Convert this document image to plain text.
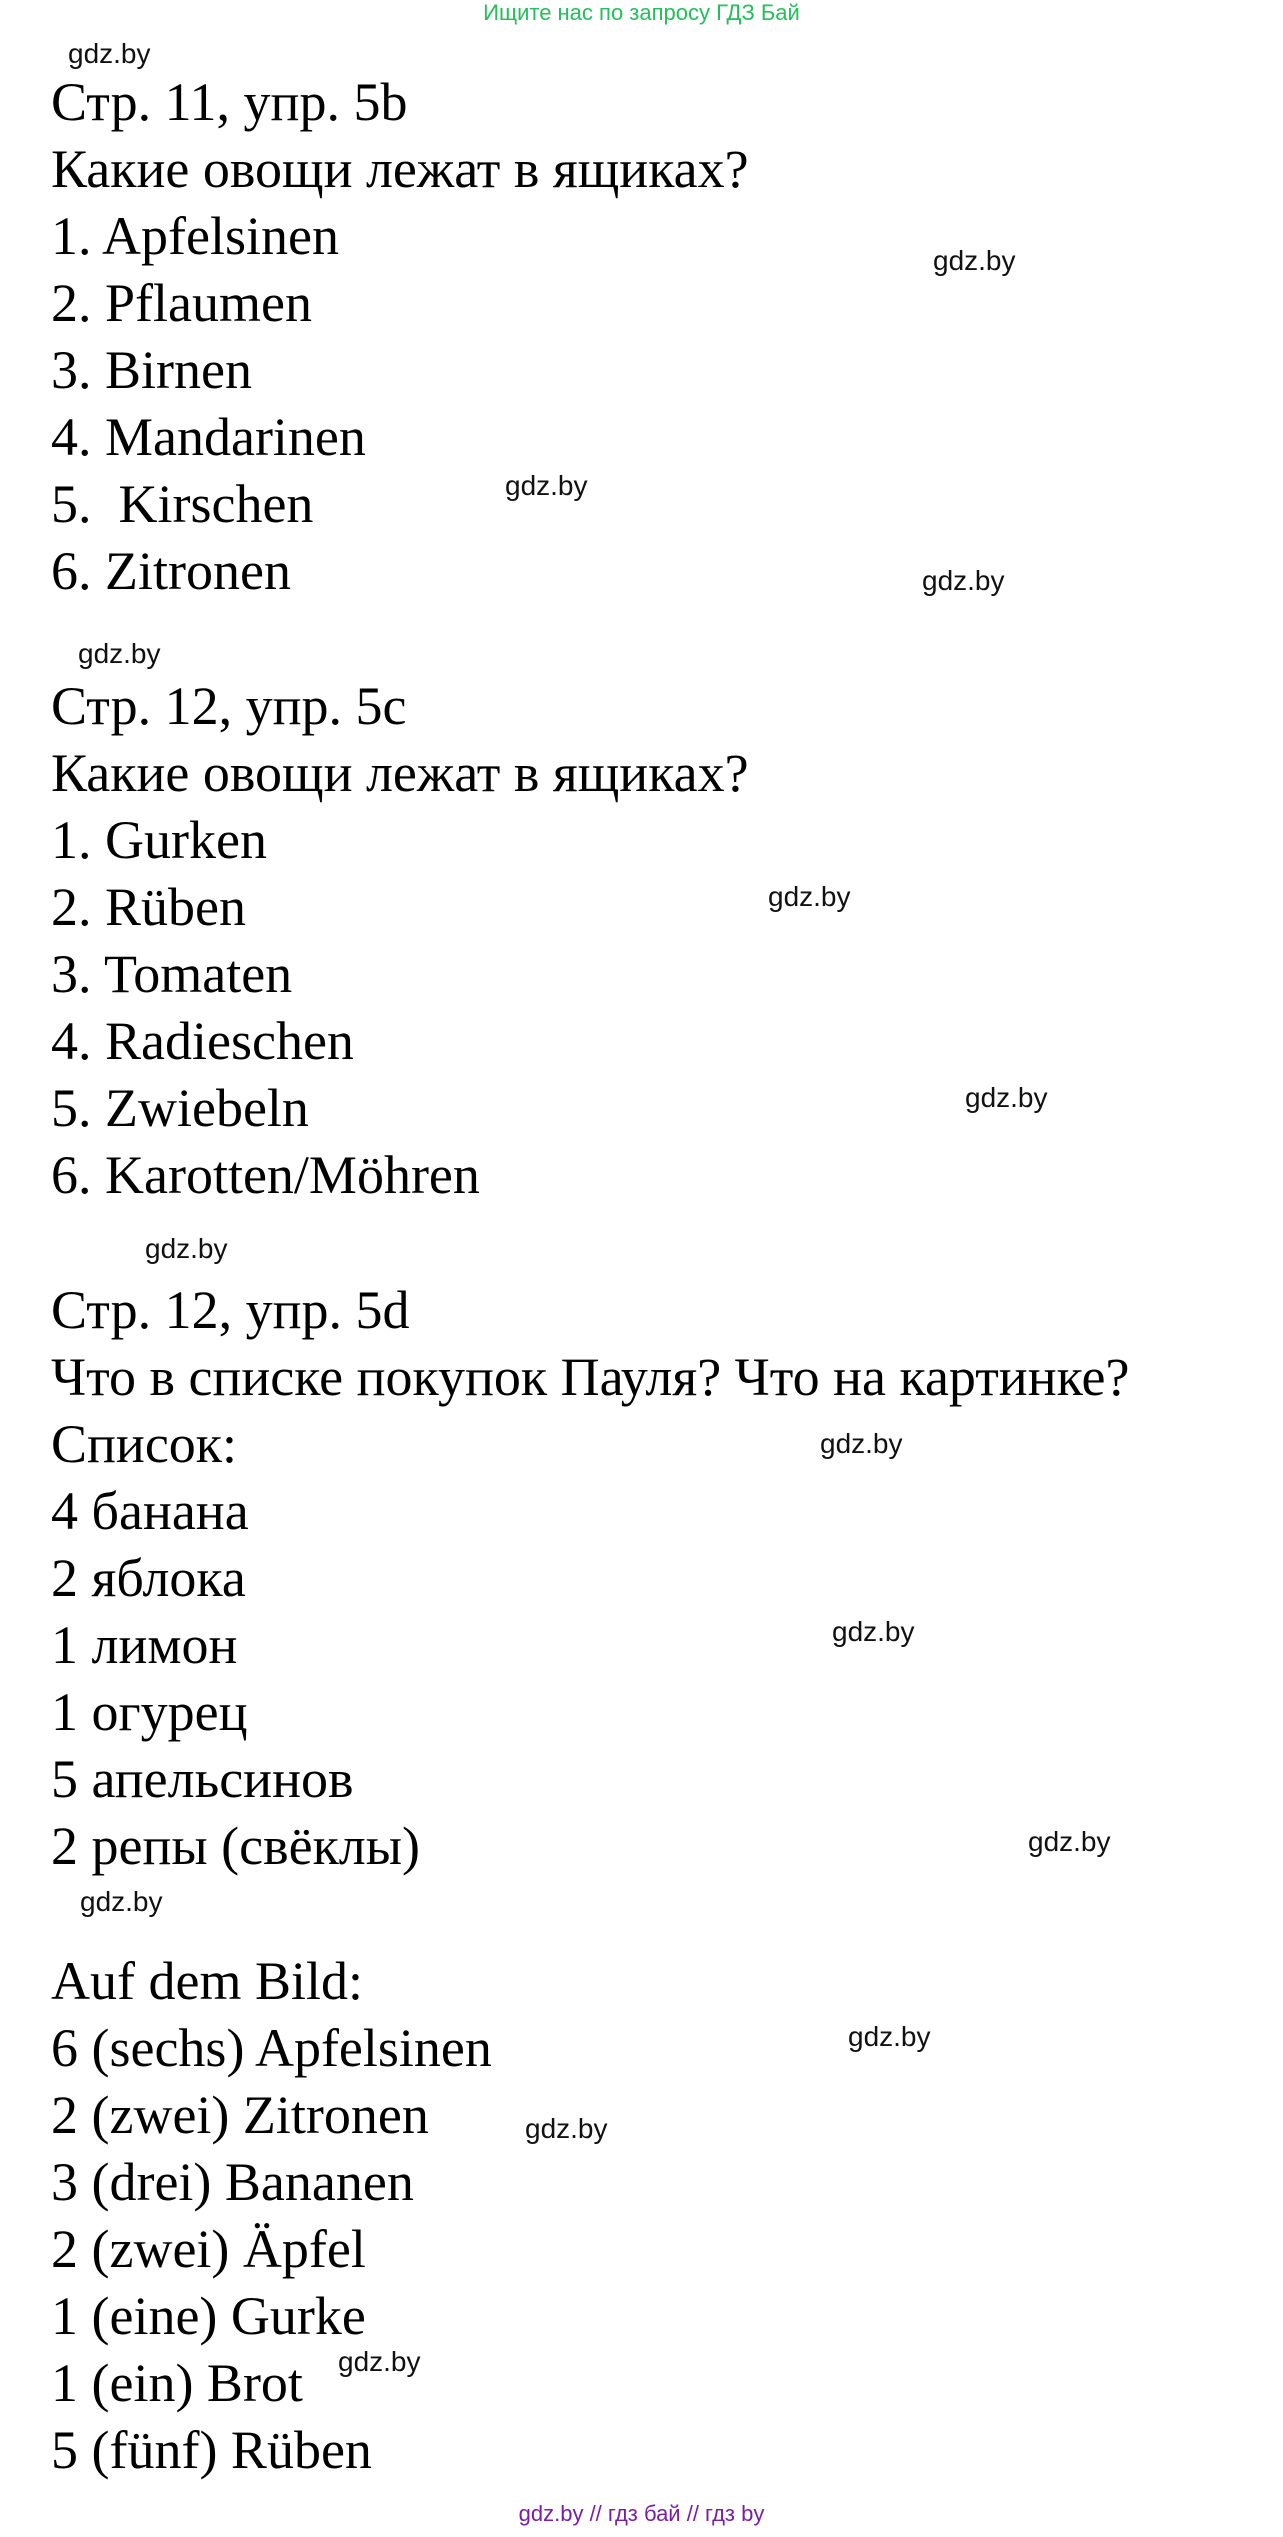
Ищите нас по запросу ГДЗ Бай
Стр. 11, упр. 5b
Какие овощи лежат в ящиках?
1. Apfelsinen
2. Pflaumen
3. Birnen
4. Mandarinen
5.  Kirschen
6. Zitronen
Стр. 12, упр. 5c
Какие овощи лежат в ящиках?
1. Gurken
2. Rüben
3. Tomaten
4. Radieschen
5. Zwiebeln
6. Karotten/Möhren
Стр. 12, упр. 5d
Что в списке покупок Пауля? Что на картинке?
Список:
4 банана
2 яблока
1 лимон
1 огурец
5 апельсинов
2 репы (свёклы)
Auf dem Bild:
6 (sechs) Apfelsinen
2 (zwei) Zitronen
3 (drei) Bananen
2 (zwei) Äpfel
1 (eine) Gurke
1 (ein) Brot
5 (fünf) Rüben
gdz.by
gdz.by
gdz.by
gdz.by
gdz.by
gdz.by
gdz.by
gdz.by
gdz.by
gdz.by
gdz.by
gdz.by
gdz.by
gdz.by
gdz.by
gdz.by // гдз бай // гдз by
